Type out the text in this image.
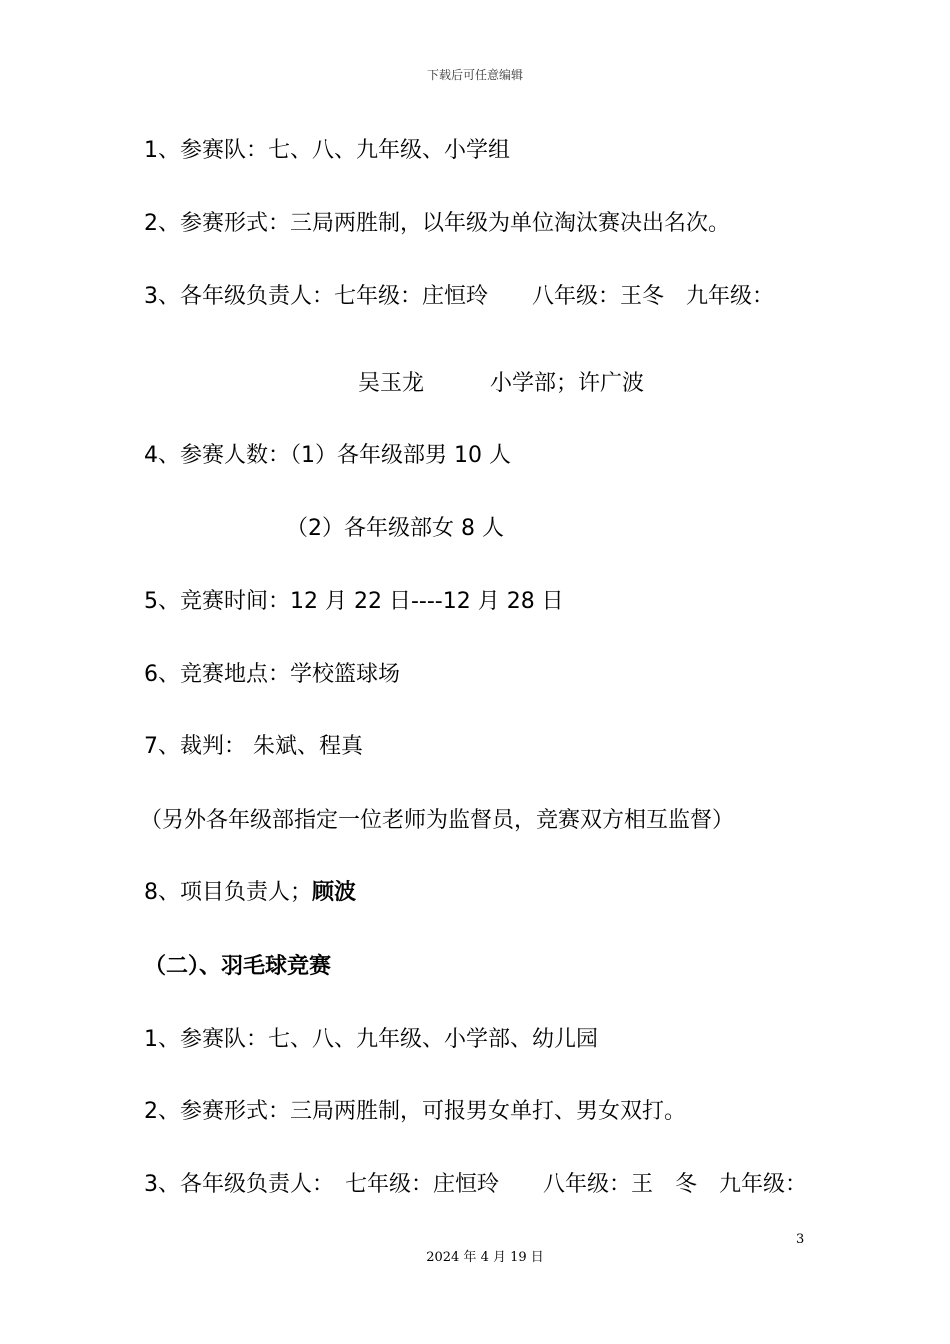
下载后可任意编辑
1、参赛队：七、八、九年级、小学组
2、参赛形式：三局两胜制，以年级为单位淘汰赛决出名次。
3、各年级负责人：七年级：庄恒玲　　八年级：王冬　九年级：
吴玉龙　　　小学部；许广波
4、参赛人数：（1）各年级部男 10 人
（2）各年级部女 8 人
5、竞赛时间：12 月 22 日----12 月 28 日
6、竞赛地点：学校篮球场
7、裁判： 朱斌、程真
（另外各年级部指定一位老师为监督员，竞赛双方相互监督）
8、项目负责人；顾波
（二）、羽毛球竞赛
1、参赛队：七、八、九年级、小学部、幼儿园
2、参赛形式：三局两胜制，可报男女单打、男女双打。
3、各年级负责人：　七年级：庄恒玲　　八年级：王　冬　九年级：
3
2024 年 4 月 19 日
